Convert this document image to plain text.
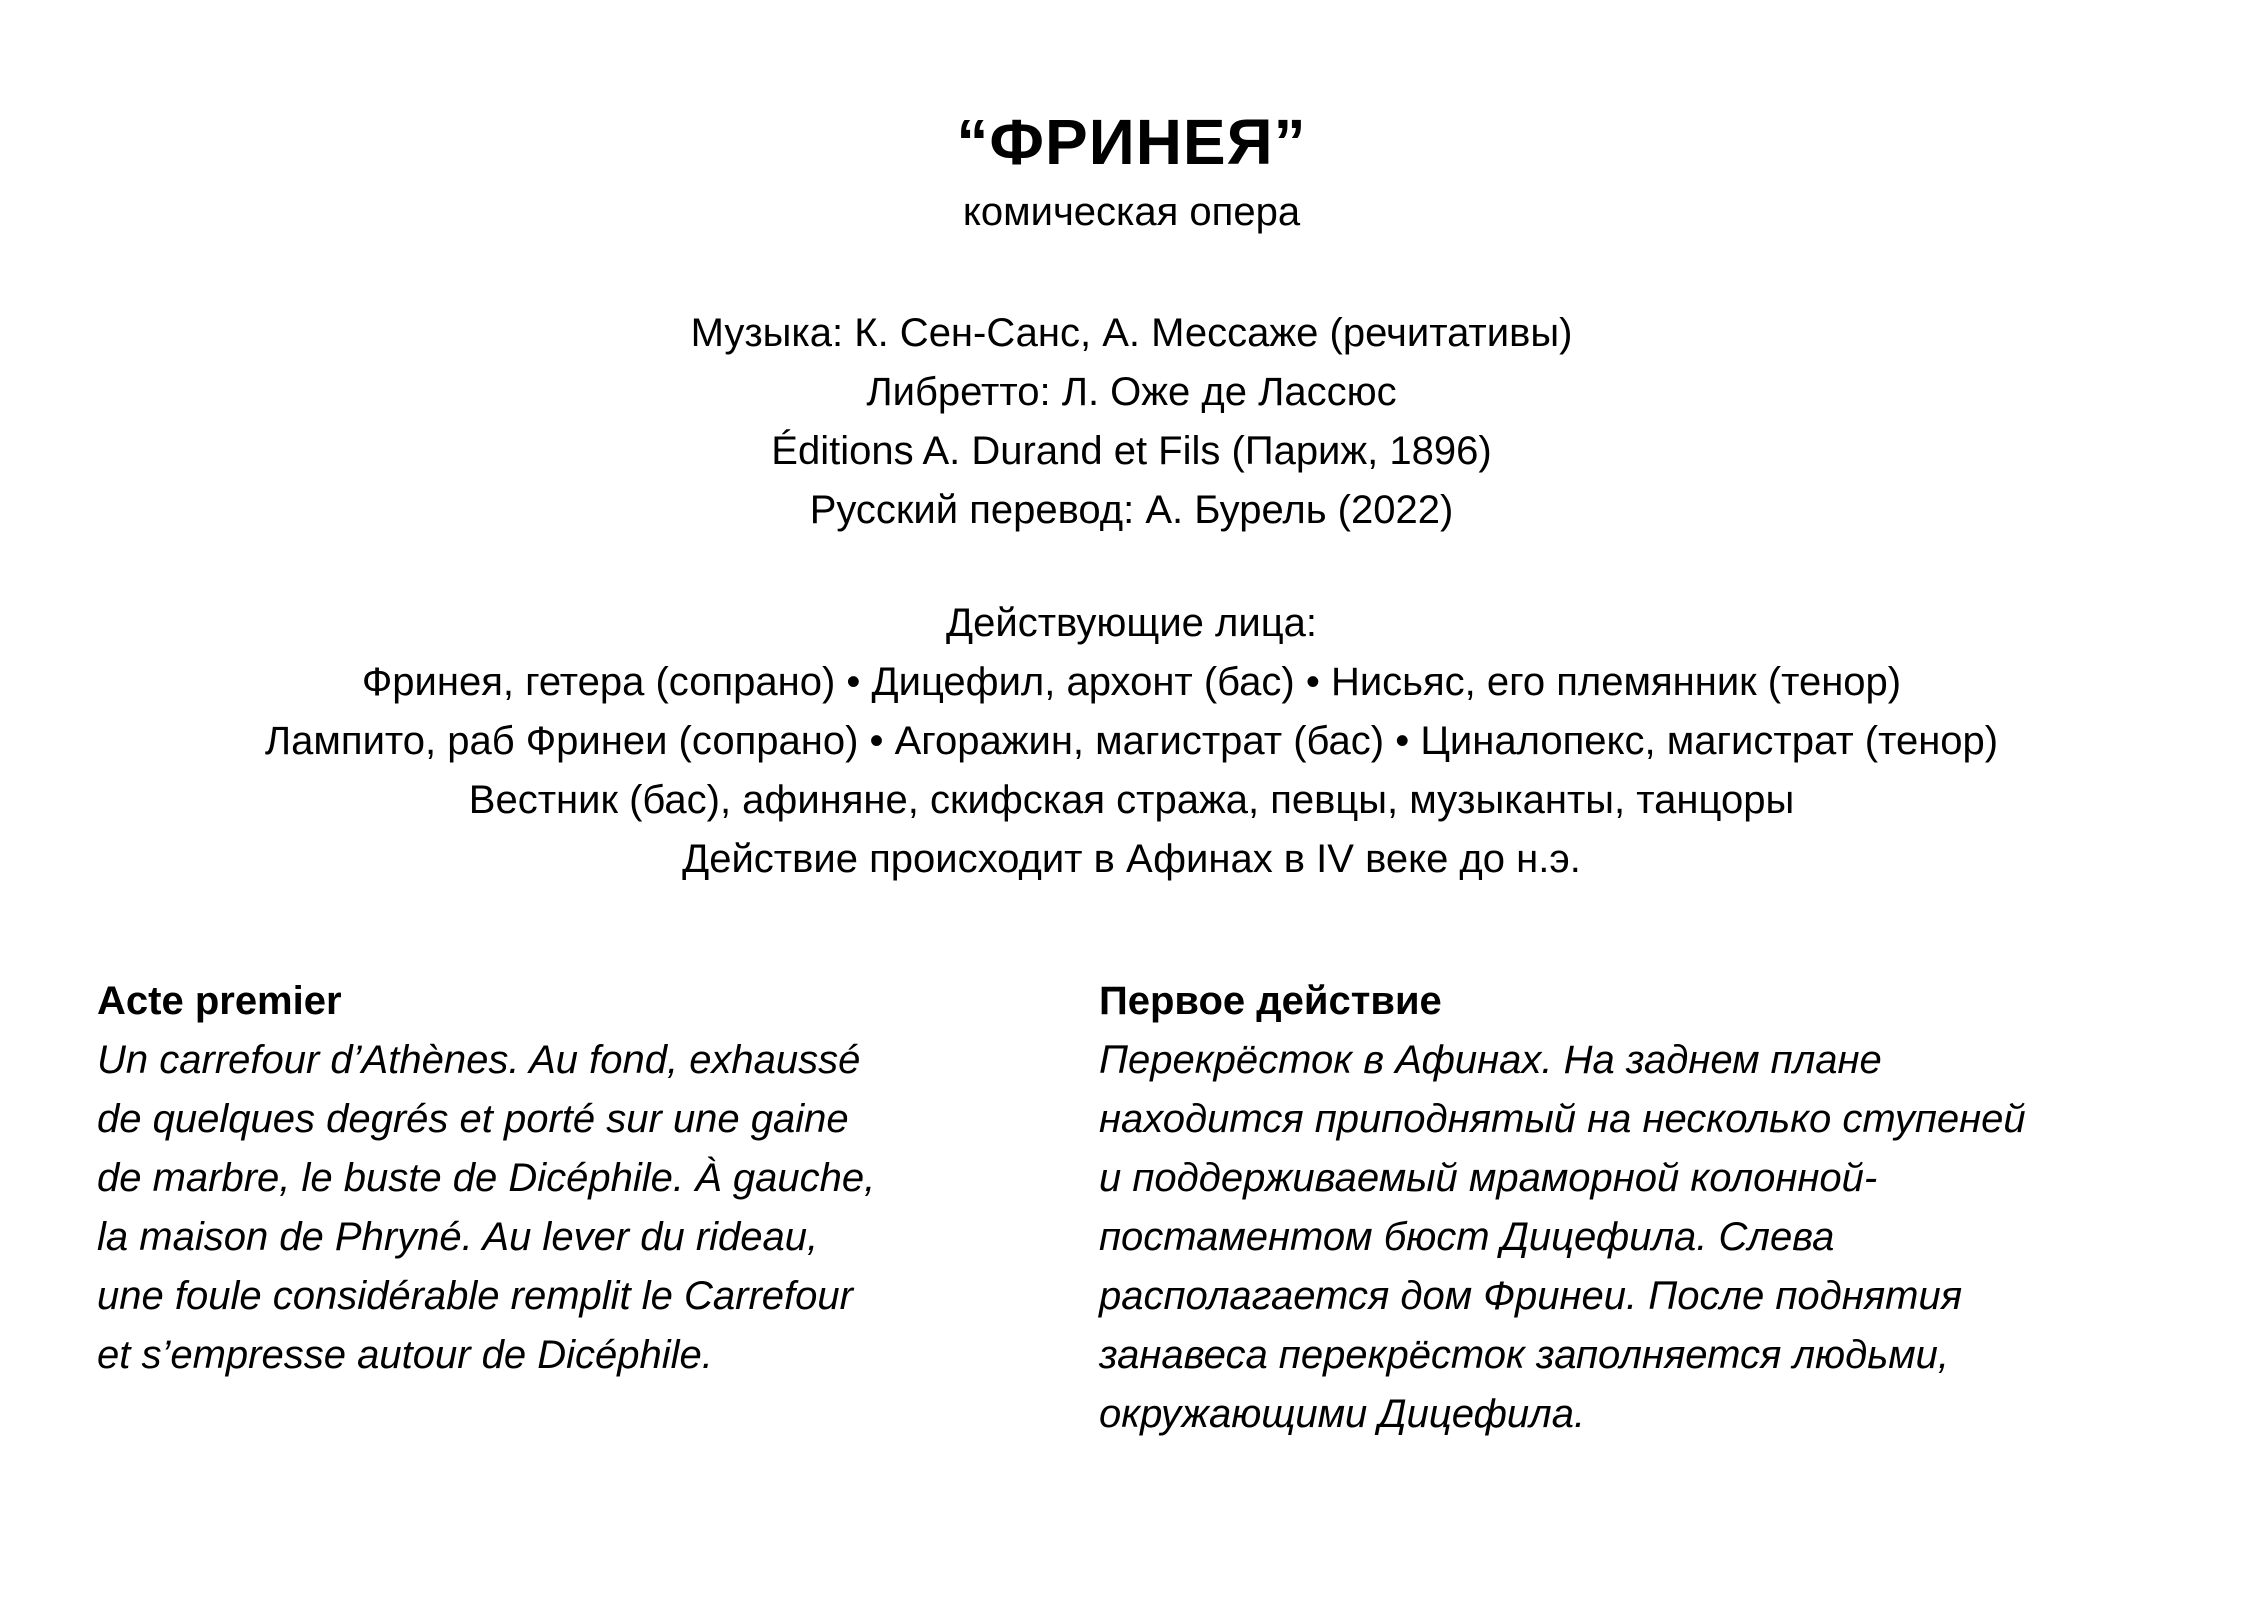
“ФРИНЕЯ”
комическая опера
Музыка: К. Сен-Санс, А. Мессаже (речитативы)
Либретто: Л. Оже де Лассюс
Éditions A. Durand et Fils (Париж, 1896)
Русский перевод: А. Бурель (2022)
Действующие лица:
Фринея, гетера (сопрано) • Дицефил, архонт (бас) • Нисьяс, его племянник (тенор)
Лампито, раб Фринеи (сопрано) • Агоражин, магистрат (бас) • Циналопекс, магистрат (тенор)
Вестник (бас), афиняне, скифская стража, певцы, музыканты, танцоры
Действие происходит в Афинах в IV веке до н.э.
Acte premier
Un carrefour d’Athènes. Au fond, exhaussé
de quelques degrés et porté sur une gaine
de marbre, le buste de Dicéphile. À gauche,
la maison de Phryné. Au lever du rideau,
une foule considérable remplit le Carrefour
et s’empresse autour de Dicéphile.
Первое действие
Перекрёсток в Афинах. На заднем плане
находится приподнятый на несколько ступеней
и поддерживаемый мраморной колонной-
постаментом бюст Дицефила. Слева
располагается дом Фринеи. После поднятия
занавеса перекрёсток заполняется людьми,
окружающими Дицефила.
